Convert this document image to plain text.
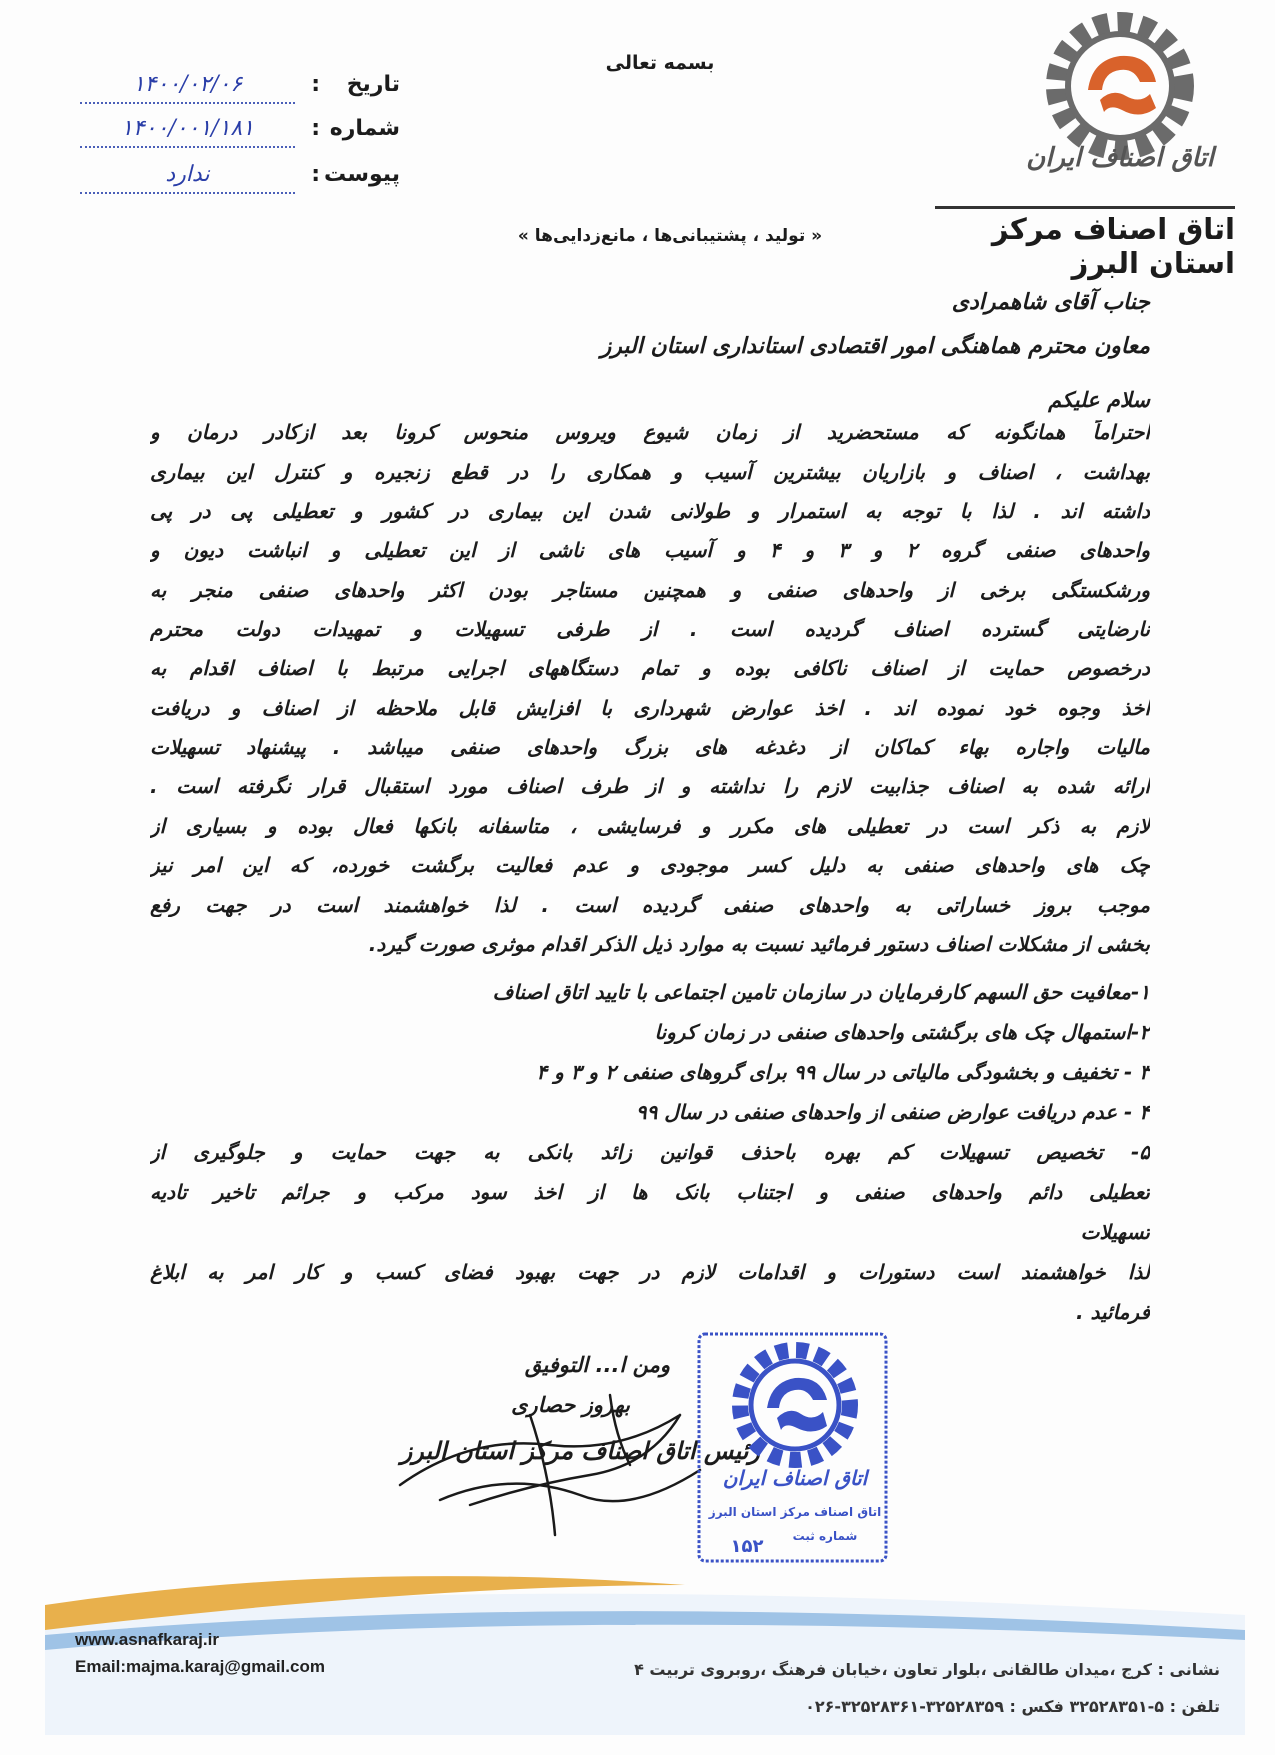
بسمه تعالی
تاریخ
:
۱۴۰۰/۰۲/۰۶
شماره
:
۱۴۰۰/۰۰۱/۱۸۱
پیوست
:
ندارد
اتاق اصناف ایران
اتاق اصناف مرکز استان البرز
« تولید ، پشتیبانی‌ها ، مانع‌زدایی‌ها »
جناب آقای شاهمرادی
معاون محترم هماهنگی امور اقتصادی استانداری استان البرز
سلام علیکم
احتراماً همانگونه که مستحضرید از زمان شیوع ویروس منحوس کرونا بعد ازکادر درمان و
بهداشت ، اصناف و بازاریان بیشترین آسیب و همکاری را در قطع زنجیره و کنترل این بیماری
داشته اند . لذا با توجه به استمرار و طولانی شدن این بیماری در کشور و تعطیلی پی در پی
واحدهای صنفی گروه ۲ و ۳ و ۴ و آسیب های ناشی از این تعطیلی و انباشت دیون و
ورشکستگی برخی از واحدهای صنفی و همچنین مستاجر بودن اکثر واحدهای صنفی منجر به
نارضایتی گسترده اصناف گردیده است . از طرفی تسهیلات و تمهیدات دولت محترم
درخصوص حمایت از اصناف ناکافی بوده و تمام دستگاههای اجرایی مرتبط با اصناف اقدام به
اخذ وجوه خود نموده اند . اخذ عوارض شهرداری با افزایش قابل ملاحظه از اصناف و دریافت
مالیات واجاره بهاء کماکان از دغدغه های بزرگ واحدهای صنفی میباشد . پیشنهاد تسهیلات
ارائه شده به اصناف جذابیت لازم را نداشته و از طرف اصناف مورد استقبال قرار نگرفته است .
لازم به ذکر است در تعطیلی های مکرر و فرسایشی ، متاسفانه بانکها فعال بوده و بسیاری از
چک های واحدهای صنفی به دلیل کسر موجودی و عدم فعالیت برگشت خورده، که این امر نیز
موجب بروز خساراتی به واحدهای صنفی گردیده است . لذا خواهشمند است در جهت رفع
بخشی از مشکلات اصناف دستور فرمائید نسبت به موارد ذیل الذکر اقدام موثری صورت گیرد.
۱-معافیت حق السهم کارفرمایان در سازمان تامین اجتماعی با تایید اتاق اصناف
۲-استمهال چک های برگشتی واحدهای صنفی در زمان کرونا
۳ - تخفیف و بخشودگی مالیاتی در سال ۹۹ برای گروهای صنفی ۲ و ۳ و ۴
۴ - عدم دریافت عوارض صنفی از واحدهای صنفی در سال ۹۹
۵- تخصیص تسهیلات کم بهره باحذف قوانین زائد بانکی به جهت حمایت و جلوگیری از
تعطیلی دائم واحدهای صنفی و اجتناب بانک ها از اخذ سود مرکب و جرائم تاخیر تادیه
تسهیلات
لذا خواهشمند است دستورات و اقدامات لازم در جهت بهبود فضای کسب و کار امر به ابلاغ
فرمائید .
ومن ا... التوفیق
بهروز حصاری
رئیس اتاق اصناف مرکز استان البرز
اتاق اصناف ایران
اتاق اصناف مرکز استان البرز
شماره ثبت
۱۵۲
www.asnafkaraj.ir
Email:majma.karaj@gmail.com	نشانی : کرج ،میدان طالقانی ،بلوار تعاون ،خیابان فرهنگ ،روبروی تربیت ۴
تلفن : ۵-۳۲۵۲۸۳۵۱ فکس : ۳۲۵۲۸۳۵۹-۳۲۵۲۸۳۶۱-۰۲۶
